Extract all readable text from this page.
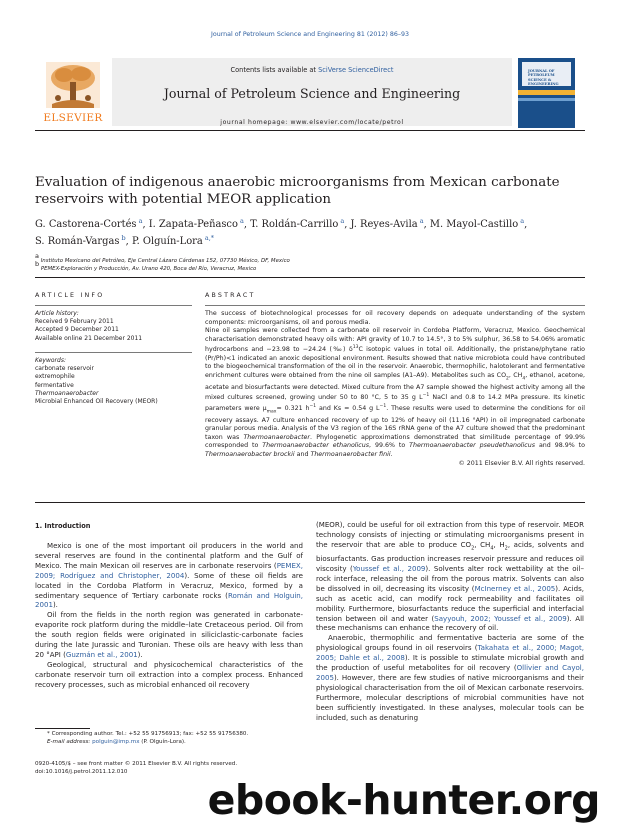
Journal of Petroleum Science and Engineering 81 (2012) 86–93
ELSEVIER
Contents lists available at SciVerse ScienceDirect
Journal of Petroleum Science and Engineering
journal homepage: www.elsevier.com/locate/petrol
JOURNAL OF PETROLEUM SCIENCE & ENGINEERING
Evaluation of indigenous anaerobic microorganisms from Mexican carbonate reservoirs with potential MEOR application
G. Castorena-Cortés $^a$, I. Zapata-Peñasco $^a$, T. Roldán-Carrillo $^a$, J. Reyes-Avila $^a$, M. Mayol-Castillo $^a$,
S. Román-Vargas $^b$, P. Olguín-Lora $^{a,*}$
a Instituto Mexicano del Petróleo, Eje Central Lázaro Cárdenas 152, 07730 México, DF, Mexico
b PEMEX-Exploración y Producción, Av. Urano 420, Boca del Río, Veracruz, Mexico
ARTICLE INFO	ABSTRACT
Article history:
Received 9 February 2011
Accepted 9 December 2011
Available online 21 December 2011
Keywords:
carbonate reservoir
extremophile
fermentative
Thermoanaerobacter
Microbial Enhanced Oil Recovery (MEOR)

The success of biotechnological processes for oil recovery depends on adequate understanding of the system components: microorganisms, oil and porous media.

Nine oil samples were collected from a carbonate oil reservoir in Cordoba Platform, Veracruz, Mexico. Geochemical characterisation demonstrated heavy oils with: API gravity of 10.7 to 14.5°, 3 to 5% sulphur, 36.58 to 54.06% aromatic hydrocarbons and −23.98 to −24.24 (‰) $\delta^{13}C$ isotopic values in total oil. Additionally, the pristane/phytane ratio (Pr/Ph)<1 indicated an anoxic depositional environment. Results showed that native microbiota could have contributed to the biogeochemical transformation of the oil in the reservoir. Anaerobic, thermophilic, halotolerant and fermentative enrichment cultures were obtained from the nine oil samples (A1–A9). Metabolites such as $CO_2$, $CH_4$, ethanol, acetone, acetate and biosurfactants were detected. Mixed culture from the A7 sample showed the highest activity among all the mixed cultures screened, growing under 50 to 80 °C, 5 to 35 g $L^{-1}$ NaCl and 0.8 to 14.2 MPa pressure. Its kinetic parameters were $\mu_{max}= 0.321$ $h^{-1}$ and Ks = 0.54 g $L^{-1}$. These results were used to determine the conditions for oil recovery assays. A7 culture enhanced recovery of up to 12% of heavy oil (11.16 °API) in oil impregnated carbonate granular porous media. Analysis of the V3 region of the 16S rRNA gene of the A7 culture showed that the predominant taxon was Thermoanaerobacter. Phylogenetic approximations demonstrated that similitude percentage of 99.9% corresponded to Thermoanaerobacter ethanolicus, 99.6% to Thermoanaerobacter pseudethanolicus and 98.9% to Thermoanaerobacter brockii and Thermoanaerobacter finii.

© 2011 Elsevier B.V. All rights reserved.

1. Introduction

Mexico is one of the most important oil producers in the world and several reserves are found in the continental platform and the Gulf of Mexico. The main Mexican oil reserves are in carbonate reservoirs (PEMEX, 2009; Rodríguez and Christopher, 2004). Some of these oil fields are located in the Cordoba Platform in Veracruz, Mexico, formed by a sedimentary sequence of Tertiary carbonate rocks (Román and Holguin, 2001).

Oil from the fields in the north region was generated in carbonate-evaporite rock platform during the middle–late Cretaceous period. Oil from the south region fields were originated in siliciclastic-carbonate facies during the late Jurassic and Turonian. These oils are heavy with less than 20 °API (Guzmán et al., 2001).

Geological, structural and physicochemical characteristics of the carbonate reservoir turn oil extraction into a complex process. Enhanced recovery processes, such as microbial enhanced oil recovery

(MEOR), could be useful for oil extraction from this type of reservoir. MEOR technology consists of injecting or stimulating microorganisms present in the reservoir that are able to produce $CO_2$, $CH_4$, $H_2$, acids, solvents and biosurfactants. Gas production increases reservoir pressure and reduces oil viscosity (Youssef et al., 2009). Solvents alter rock wettability at the oil–rock interface, releasing the oil from the porous matrix. Solvents can also be dissolved in oil, decreasing its viscosity (McInerney et al., 2005). Acids, such as acetic acid, can modify rock permeability and facilitates oil mobility. Furthermore, biosurfactants reduce the superficial and interfacial tension between oil and water (Sayyouh, 2002; Youssef et al., 2009). All these mechanisms can enhance the recovery of oil.

Anaerobic, thermophilic and fermentative bacteria are some of the physiological groups found in oil reservoirs (Takahata et al., 2000; Magot, 2005; Dahle et al., 2008). It is possible to stimulate microbial growth and the production of useful metabolites for oil recovery (Ollivier and Cayol, 2005). However, there are few studies of native microorganisms and their physiological characterisation from the oil of Mexican carbonate reservoirs. Furthermore, molecular descriptions of microbial communities have not been sufficiently investigated. In these analyses, molecular tools can be included, such as denaturing

* Corresponding author. Tel.: +52 55 91756913; fax: +52 55 91756380.
E-mail address: polguin@imp.mx (P. Olguín-Lora).
0920-4105/$ – see front matter © 2011 Elsevier B.V. All rights reserved.
doi:10.1016/j.petrol.2011.12.010
ebook-hunter.org
